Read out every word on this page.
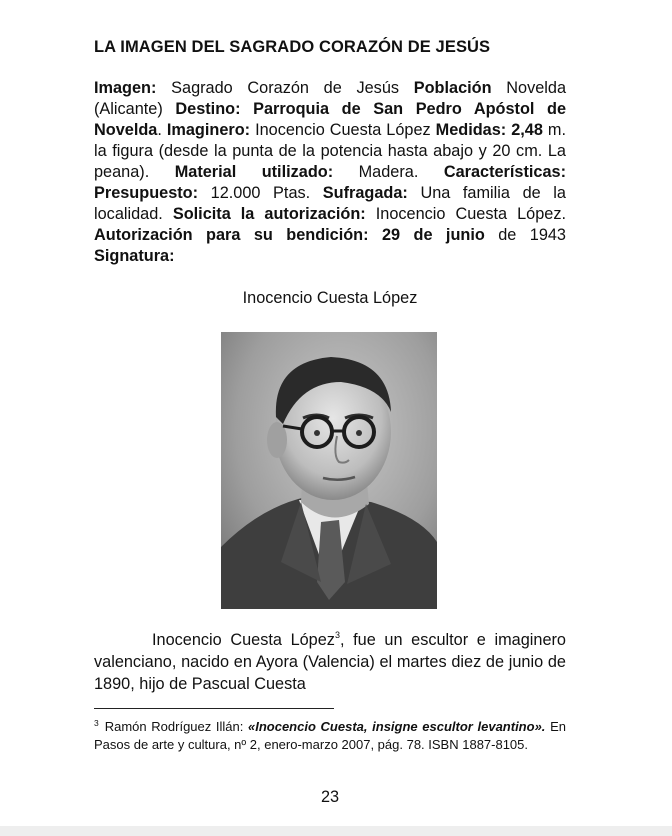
LA IMAGEN DEL SAGRADO CORAZÓN DE JESÚS
Imagen: Sagrado Corazón de Jesús Población Novelda (Alicante) Destino: Parroquia de San Pedro Apóstol de Novelda. Imaginero: Inocencio Cuesta López Medidas: 2,48 m. la figura (desde la punta de la potencia hasta abajo y 20 cm. La peana). Material utilizado: Madera. Características: Presupuesto: 12.000 Ptas. Sufragada: Una familia de la localidad. Solicita la autorización: Inocencio Cuesta López. Autorización para su bendición: 29 de junio de 1943 Signatura:
Inocencio Cuesta López
Inocencio Cuesta López$^3$, fue un escultor e imaginero valenciano, nacido en Ayora (Valencia) el martes diez de junio de 1890, hijo de Pascual Cuesta
$^3$ Ramón Rodríguez Illán: «Inocencio Cuesta, insigne escultor levantino». En Pasos de arte y cultura, nº 2, enero-marzo 2007, pág. 78. ISBN 1887-8105.
23
